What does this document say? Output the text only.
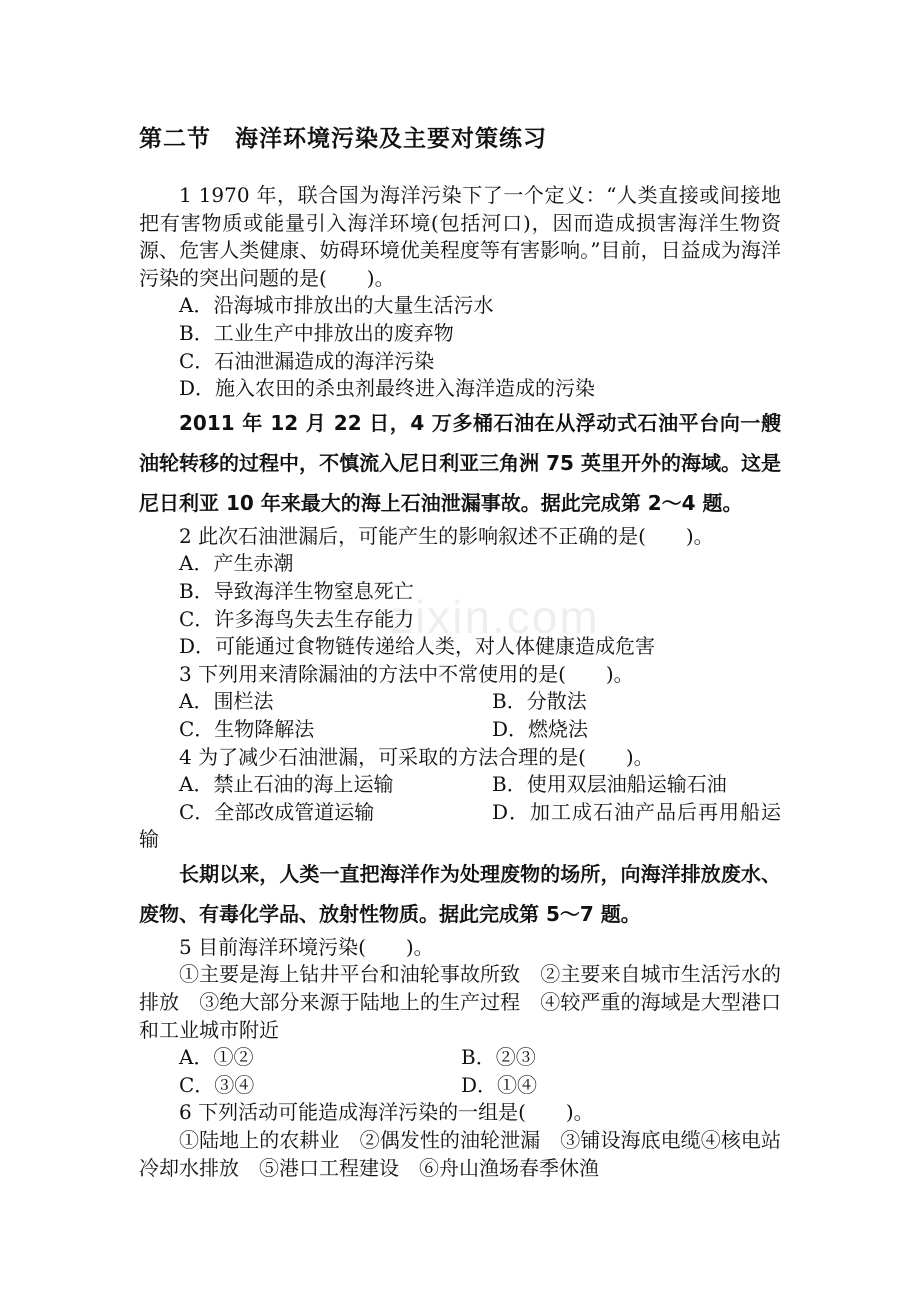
zixin.com
第二节　海洋环境污染及主要对策练习

1 1970 年，联合国为海洋污染下了一个定义：“人类直接或间接地把有害物质或能量引入海洋环境(包括河口)，因而造成损害海洋生物资源、危害人类健康、妨碍环境优美程度等有害影响。”目前，日益成为海洋污染的突出问题的是(　　)。

A．沿海城市排放出的大量生活污水

B．工业生产中排放出的废弃物

C．石油泄漏造成的海洋污染

D．施入农田的杀虫剂最终进入海洋造成的污染

2011 年 12 月 22 日，4 万多桶石油在从浮动式石油平台向一艘油轮转移的过程中，不慎流入尼日利亚三角洲 75 英里开外的海域。这是尼日利亚 10 年来最大的海上石油泄漏事故。据此完成第 2～4 题。

2 此次石油泄漏后，可能产生的影响叙述不正确的是(　　)。

A．产生赤潮

B．导致海洋生物窒息死亡

C．许多海鸟失去生存能力

D．可能通过食物链传递给人类，对人体健康造成危害

3 下列用来清除漏油的方法中不常使用的是(　　)。

A．围栏法	B．分散法
C．生物降解法	D．燃烧法

4 为了减少石油泄漏，可采取的方法合理的是(　　)。

A．禁止石油的海上运输	B．使用双层油船运输石油

C．全部改成管道运输	D．加工成石油产品后再用船运输

长期以来，人类一直把海洋作为处理废物的场所，向海洋排放废水、废物、有毒化学品、放射性物质。据此完成第 5～7 题。

5 目前海洋环境污染(　　)。

①主要是海上钻井平台和油轮事故所致　②主要来自城市生活污水的排放　③绝大部分来源于陆地上的生产过程　④较严重的海域是大型港口和工业城市附近

A．①②	B．②③
C．③④	D．①④

6 下列活动可能造成海洋污染的一组是(　　)。

①陆地上的农耕业　②偶发性的油轮泄漏　③铺设海底电缆④核电站冷却水排放　⑤港口工程建设　⑥舟山渔场春季休渔
